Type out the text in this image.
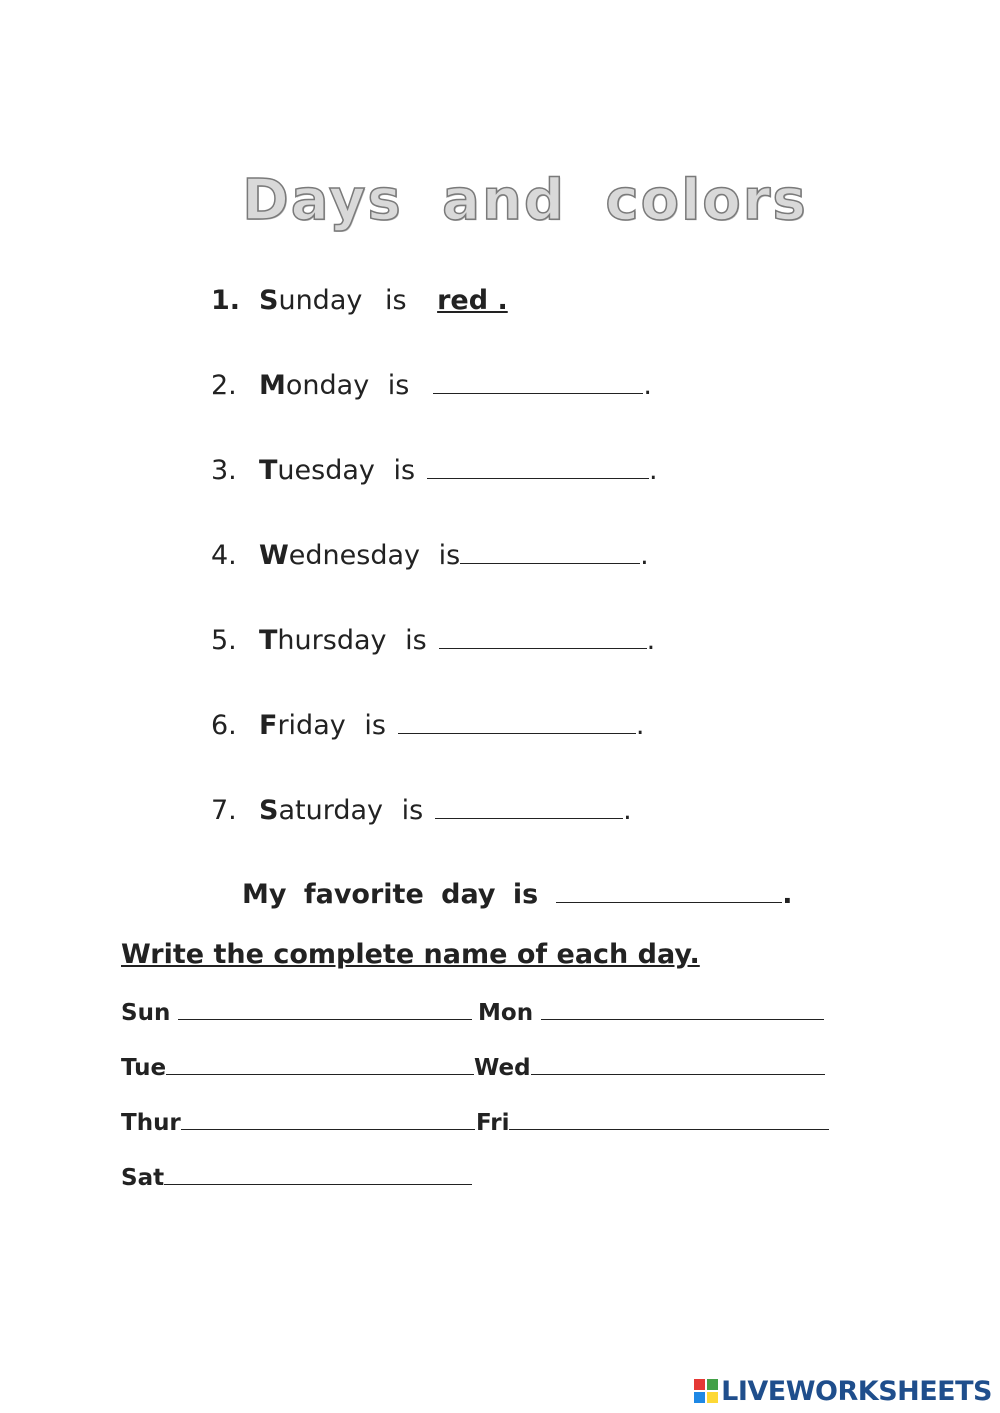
Days and colors
1. Sunday is red .
2. Monday is	.
3. Tuesday is	.
4. Wednesday is	.
5. Thursday is	.
6. Friday is	.
7. Saturday is	.
My favorite day is	.
Write the complete name of each day.
Sun	Mon
Tue	Wed
Thur	Fri
Sat
LIVEWORKSHEETS
